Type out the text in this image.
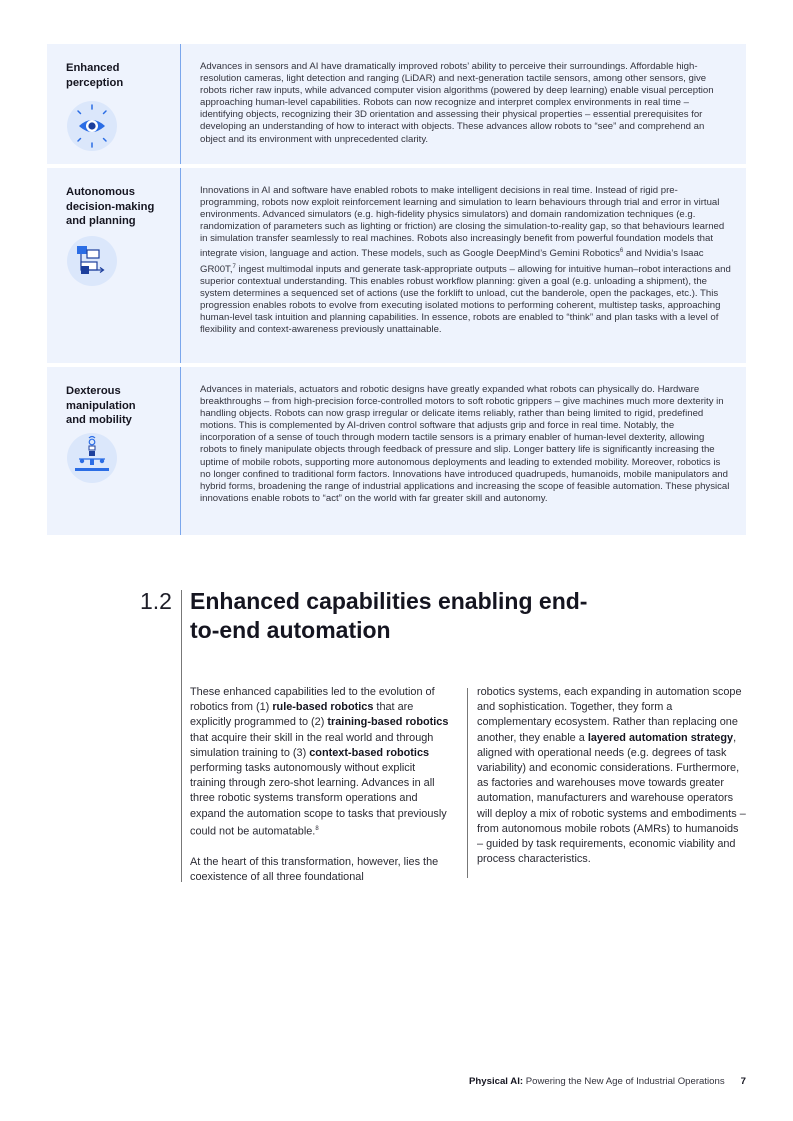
Enhanced
perception
Advances in sensors and AI have dramatically improved robots’ ability to perceive their surroundings. Affordable high-resolution cameras, light detection and ranging (LiDAR) and next-generation tactile sensors, among other sensors, give robots richer raw inputs, while advanced computer vision algorithms (powered by deep learning) enable visual perception approaching human-level capabilities. Robots can now recognize and interpret complex environments in real time – identifying objects, recognizing their 3D orientation and assessing their physical properties – essential prerequisites for developing an understanding of how to interact with objects. These advances allow robots to “see” and comprehend an object and its environment with unprecedented clarity.
Autonomous
decision-making
and planning
Innovations in AI and software have enabled robots to make intelligent decisions in real time. Instead of rigid pre-programming, robots now exploit reinforcement learning and simulation to learn behaviours through trial and error in virtual environments. Advanced simulators (e.g. high-fidelity physics simulators) and domain randomization techniques (e.g. randomization of parameters such as lighting or friction) are closing the simulation-to-reality gap, so that behaviours learned in simulation transfer seamlessly to real machines. Robots also increasingly benefit from powerful foundation models that integrate vision, language and action. These models, such as Google DeepMind’s Gemini Robotics$^6$ and Nvidia’s Isaac GR00T,$^7$ ingest multimodal inputs and generate task-appropriate outputs – allowing for intuitive human–robot interactions and superior contextual understanding. This enables robust workflow planning: given a goal (e.g. unloading a shipment), the system determines a sequenced set of actions (use the forklift to unload, cut the banderole, open the packages, etc.). This progression enables robots to evolve from executing isolated motions to performing coherent, multistep tasks, approaching human-level task intuition and planning capabilities. In essence, robots are enabled to “think” and plan tasks with a level of flexibility and context-awareness previously unattainable.
Dexterous
manipulation
and mobility
Advances in materials, actuators and robotic designs have greatly expanded what robots can physically do. Hardware breakthroughs – from high-precision force-controlled motors to soft robotic grippers – give machines much more dexterity in handling objects. Robots can now grasp irregular or delicate items reliably, rather than being limited to rigid, predefined motions. This is complemented by AI-driven control software that adjusts grip and force in real time. Notably, the incorporation of a sense of touch through modern tactile sensors is a primary enabler of human-level dexterity, allowing robots to finely manipulate objects through feedback of pressure and slip. Longer battery life is significantly increasing the uptime of mobile robots, supporting more autonomous deployments and leading to extended mobility. Moreover, robotics is no longer confined to traditional form factors. Innovations have introduced quadrupeds, humanoids, mobile manipulators and hybrid forms, broadening the range of industrial applications and increasing the scope of feasible automation. These physical innovations enable robots to “act” on the world with far greater skill and autonomy.
1.2 Enhanced capabilities enabling end-to-end automation

These enhanced capabilities led to the evolution of robotics from (1) rule-based robotics that are explicitly programmed to (2) training-based robotics that acquire their skill in the real world and through simulation training to (3) context-based robotics performing tasks autonomously without explicit training through zero-shot learning. Advances in all three robotic systems transform operations and expand the automation scope to tasks that previously could not be automatable.$^8$

At the heart of this transformation, however, lies the coexistence of all three foundational

robotics systems, each expanding in automation scope and sophistication. Together, they form a complementary ecosystem. Rather than replacing one another, they enable a layered automation strategy, aligned with operational needs (e.g. degrees of task variability) and economic considerations. Furthermore, as factories and warehouses move towards greater automation, manufacturers and warehouse operators will deploy a mix of robotic systems and embodiments – from autonomous mobile robots (AMRs) to humanoids – guided by task requirements, economic viability and process characteristics.

Physical AI: Powering the New Age of Industrial Operations 7
